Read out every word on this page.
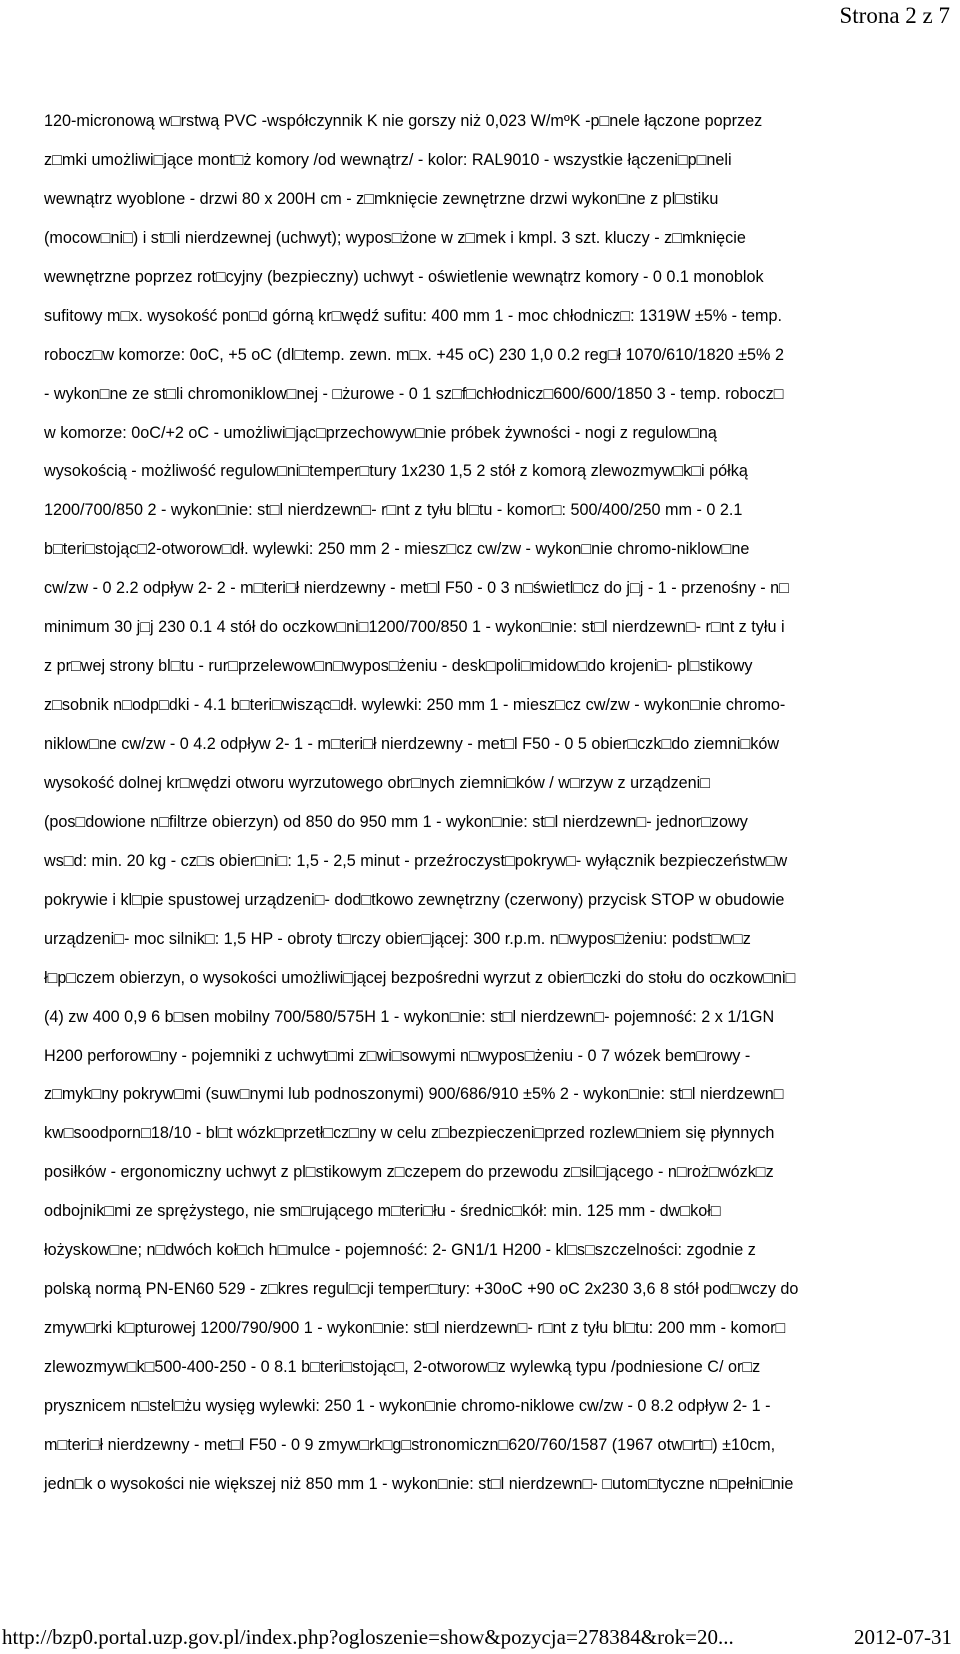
Strona 2 z 7
120-micronową w□rstwą PVC -współczynnik K nie gorszy niż 0,023 W/mºK -p□nele łączone poprzez
z□mki umożliwi□jące mont□ż komory /od wewnątrz/ - kolor: RAL9010 - wszystkie łączeni□p□neli
wewnątrz wyoblone - drzwi 80 x 200H cm - z□mknięcie zewnętrzne drzwi wykon□ne z pl□stiku
(mocow□ni□) i st□li nierdzewnej (uchwyt); wypos□żone w z□mek i kmpl. 3 szt. kluczy - z□mknięcie
wewnętrzne poprzez rot□cyjny (bezpieczny) uchwyt - oświetlenie wewnątrz komory - 0 0.1 monoblok
sufitowy m□x. wysokość pon□d górną kr□wędź sufitu: 400 mm 1 - moc chłodnicz□: 1319W ±5% - temp.
robocz□w komorze: 0oC, +5 oC (dl□temp. zewn. m□x. +45 oC) 230 1,0 0.2 reg□ł 1070/610/1820 ±5% 2
- wykon□ne ze st□li chromoniklow□nej - □żurowe - 0 1 sz□f□chłodnicz□600/600/1850 3 - temp. robocz□
w komorze: 0oC/+2 oC - umożliwi□jąc□przechowyw□nie próbek żywności - nogi z regulow□ną
wysokością - możliwość regulow□ni□temper□tury 1x230 1,5 2 stół z komorą zlewozmyw□k□i półką
1200/700/850 2 - wykon□nie: st□l nierdzewn□- r□nt z tyłu bl□tu - komor□: 500/400/250 mm - 0 2.1
b□teri□stojąc□2-otworow□dł. wylewki: 250 mm 2 - miesz□cz cw/zw - wykon□nie chromo-niklow□ne
cw/zw - 0 2.2 odpływ 2- 2 - m□teri□ł nierdzewny - met□l F50 - 0 3 n□świetl□cz do j□j - 1 - przenośny - n□
minimum 30 j□j 230 0.1 4 stół do oczkow□ni□1200/700/850 1 - wykon□nie: st□l nierdzewn□- r□nt z tyłu i
z pr□wej strony bl□tu - rur□przelewow□n□wypos□żeniu - desk□poli□midow□do krojeni□- pl□stikowy
z□sobnik n□odp□dki - 4.1 b□teri□wisząc□dł. wylewki: 250 mm 1 - miesz□cz cw/zw - wykon□nie chromo-
niklow□ne cw/zw - 0 4.2 odpływ 2- 1 - m□teri□ł nierdzewny - met□l F50 - 0 5 obier□czk□do ziemni□ków
wysokość dolnej kr□wędzi otworu wyrzutowego obr□nych ziemni□ków / w□rzyw z urządzeni□
(pos□dowione n□filtrze obierzyn) od 850 do 950 mm 1 - wykon□nie: st□l nierdzewn□- jednor□zowy
ws□d: min. 20 kg - cz□s obier□ni□: 1,5 - 2,5 minut - przeźroczyst□pokryw□- wyłącznik bezpieczeństw□w
pokrywie i kl□pie spustowej urządzeni□- dod□tkowo zewnętrzny (czerwony) przycisk STOP w obudowie
urządzeni□- moc silnik□: 1,5 HP - obroty t□rczy obier□jącej: 300 r.p.m. n□wypos□żeniu: podst□w□z
ł□p□czem obierzyn, o wysokości umożliwi□jącej bezpośredni wyrzut z obier□czki do stołu do oczkow□ni□
(4) zw 400 0,9 6 b□sen mobilny 700/580/575H 1 - wykon□nie: st□l nierdzewn□- pojemność: 2 x 1/1GN
H200 perforow□ny - pojemniki z uchwyt□mi z□wi□sowymi n□wypos□żeniu - 0 7 wózek bem□rowy -
z□myk□ny pokryw□mi (suw□nymi lub podnoszonymi) 900/686/910 ±5% 2 - wykon□nie: st□l nierdzewn□
kw□soodporn□18/10 - bl□t wózk□przetł□cz□ny w celu z□bezpieczeni□przed rozlew□niem się płynnych
posiłków - ergonomiczny uchwyt z pl□stikowym z□czepem do przewodu z□sil□jącego - n□roż□wózk□z
odbojnik□mi ze sprężystego, nie sm□rującego m□teri□łu - średnic□kół: min. 125 mm - dw□koł□
łożyskow□ne; n□dwóch koł□ch h□mulce - pojemność: 2- GN1/1 H200 - kl□s□szczelności: zgodnie z
polską normą PN-EN60 529 - z□kres regul□cji temper□tury: +30oC +90 oC 2x230 3,6 8 stół pod□wczy do
zmyw□rki k□pturowej 1200/790/900 1 - wykon□nie: st□l nierdzewn□- r□nt z tyłu bl□tu: 200 mm - komor□
zlewozmyw□k□500-400-250 - 0 8.1 b□teri□stojąc□, 2-otworow□z wylewką typu /podniesione C/ or□z
prysznicem n□stel□żu wysięg wylewki: 250 1 - wykon□nie chromo-niklowe cw/zw - 0 8.2 odpływ 2- 1 -
m□teri□ł nierdzewny - met□l F50 - 0 9 zmyw□rk□g□stronomiczn□620/760/1587 (1967 otw□rt□) ±10cm,
jedn□k o wysokości nie większej niż 850 mm 1 - wykon□nie: st□l nierdzewn□- □utom□tyczne n□pełni□nie
http://bzp0.portal.uzp.gov.pl/index.php?ogloszenie=show&pozycja=278384&rok=20...	2012-07-31
